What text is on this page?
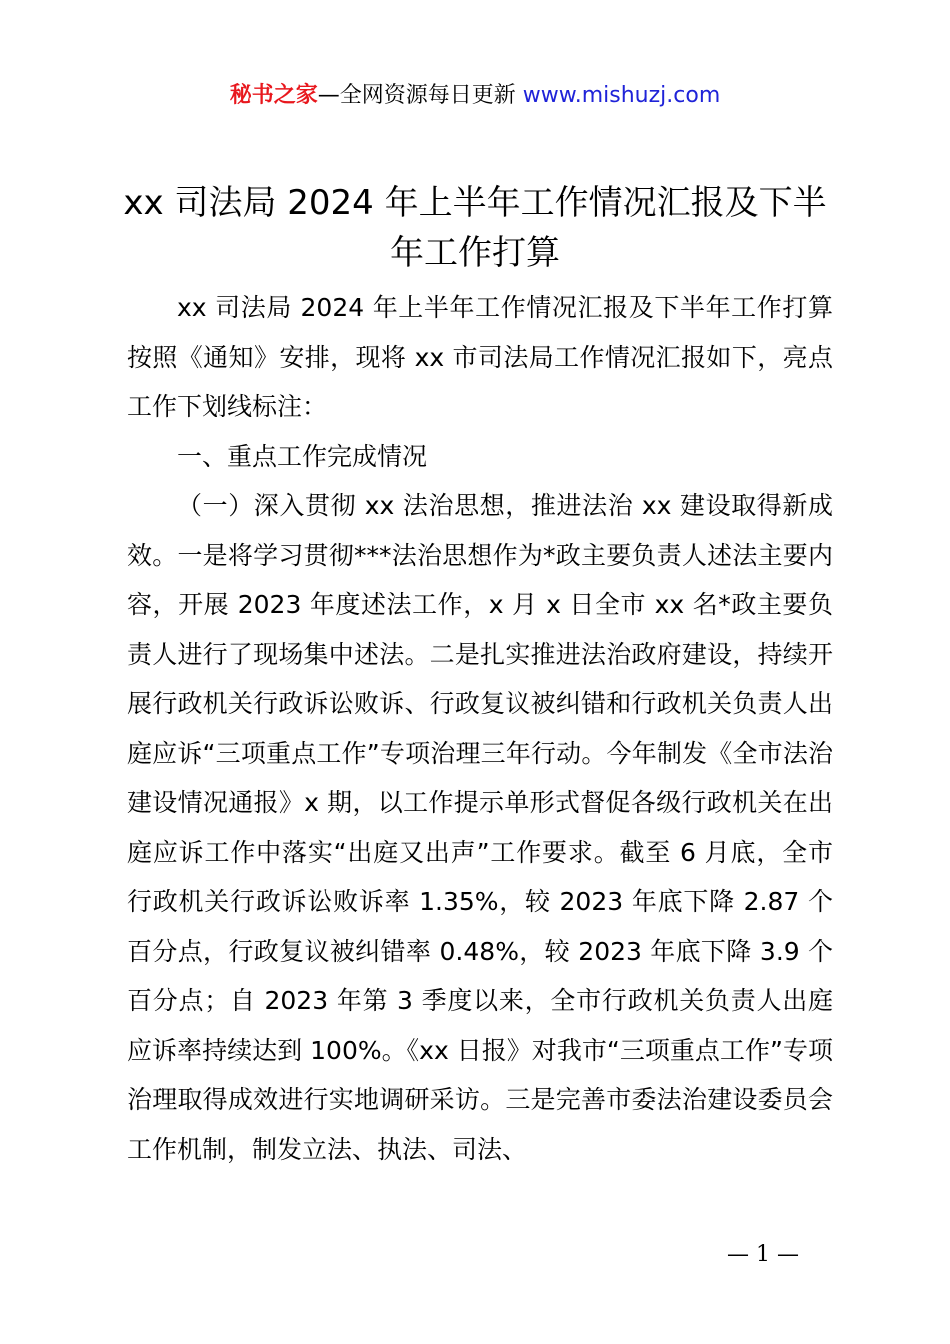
秘书之家—全网资源每日更新 www.mishuzj.com
xx 司法局 2024 年上半年工作情况汇报及下半年工作打算

xx 司法局 2024 年上半年工作情况汇报及下半年工作打算按照《通知》安排，现将 xx 市司法局工作情况汇报如下，亮点工作下划线标注：

一、重点工作完成情况

（一）深入贯彻 xx 法治思想，推进法治 xx 建设取得新成效。一是将学习贯彻***法治思想作为*政主要负责人述法主要内容，开展 2023 年度述法工作，x 月 x 日全市 xx 名*政主要负责人进行了现场集中述法。二是扎实推进法治政府建设，持续开展行政机关行政诉讼败诉、行政复议被纠错和行政机关负责人出庭应诉“三项重点工作”专项治理三年行动。今年制发《全市法治建设情况通报》x 期，以工作提示单形式督促各级行政机关在出庭应诉工作中落实“出庭又出声”工作要求。截至 6 月底，全市行政机关行政诉讼败诉率 1.35%，较 2023 年底下降 2.87 个百分点，行政复议被纠错率 0.48%，较 2023 年底下降 3.9 个百分点；自 2023 年第 3 季度以来，全市行政机关负责人出庭应诉率持续达到 100%。《xx 日报》对我市“三项重点工作”专项治理取得成效进行实地调研采访。三是完善市委法治建设委员会工作机制，制发立法、执法、司法、

— 1 —
